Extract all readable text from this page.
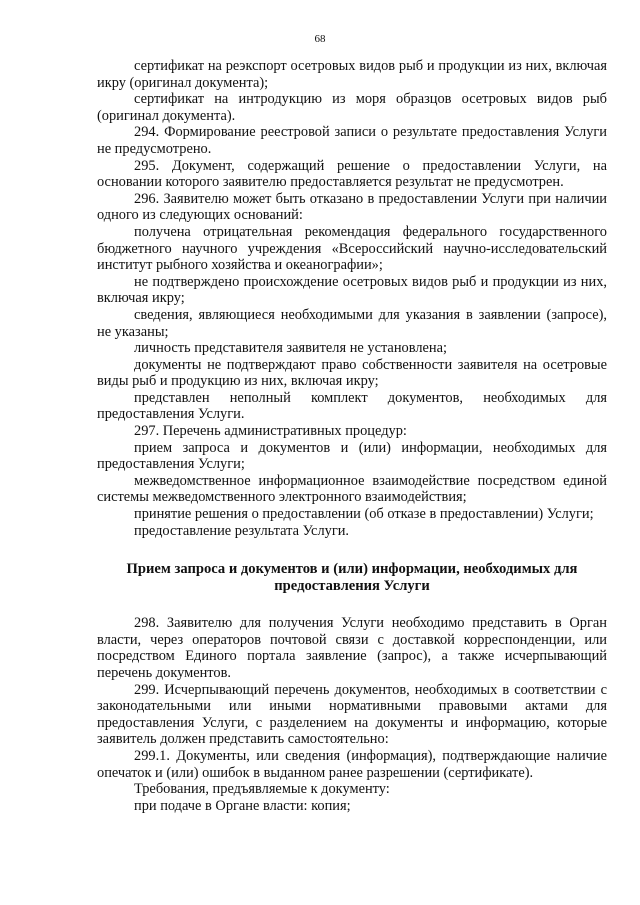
68

сертификат на реэкспорт осетровых видов рыб и продукции из них, включая икру (оригинал документа);

сертификат на интродукцию из моря образцов осетровых видов рыб (оригинал документа).

294. Формирование реестровой записи о результате предоставления Услуги не предусмотрено.

295. Документ, содержащий решение о предоставлении Услуги, на основании которого заявителю предоставляется результат не предусмотрен.

296. Заявителю может быть отказано в предоставлении Услуги при наличии одного из следующих оснований:

получена отрицательная рекомендация федерального государственного бюджетного научного учреждения «Всероссийский научно-исследовательский институт рыбного хозяйства и океанографии»;

не подтверждено происхождение осетровых видов рыб и продукции из них, включая икру;

сведения, являющиеся необходимыми для указания в заявлении (запросе), не указаны;

личность представителя заявителя не установлена;

документы не подтверждают право собственности заявителя на осетровые виды рыб и продукцию из них, включая икру;

представлен неполный комплект документов, необходимых для предоставления Услуги.

297. Перечень административных процедур:

прием запроса и документов и (или) информации, необходимых для предоставления Услуги;

межведомственное информационное взаимодействие посредством единой системы межведомственного электронного взаимодействия;

принятие решения о предоставлении (об отказе в предоставлении) Услуги;

предоставление результата Услуги.

Прием запроса и документов и (или) информации, необходимых для предоставления Услуги

298. Заявителю для получения Услуги необходимо представить в Орган власти, через операторов почтовой связи с доставкой корреспонденции, или посредством Единого портала заявление (запрос), а также исчерпывающий перечень документов.

299. Исчерпывающий перечень документов, необходимых в соответствии с законодательными или иными нормативными правовыми актами для предоставления Услуги, с разделением на документы и информацию, которые заявитель должен представить самостоятельно:

299.1. Документы, или сведения (информация), подтверждающие наличие опечаток и (или) ошибок в выданном ранее разрешении (сертификате).

Требования, предъявляемые к документу:

при подаче в Органе власти: копия;
